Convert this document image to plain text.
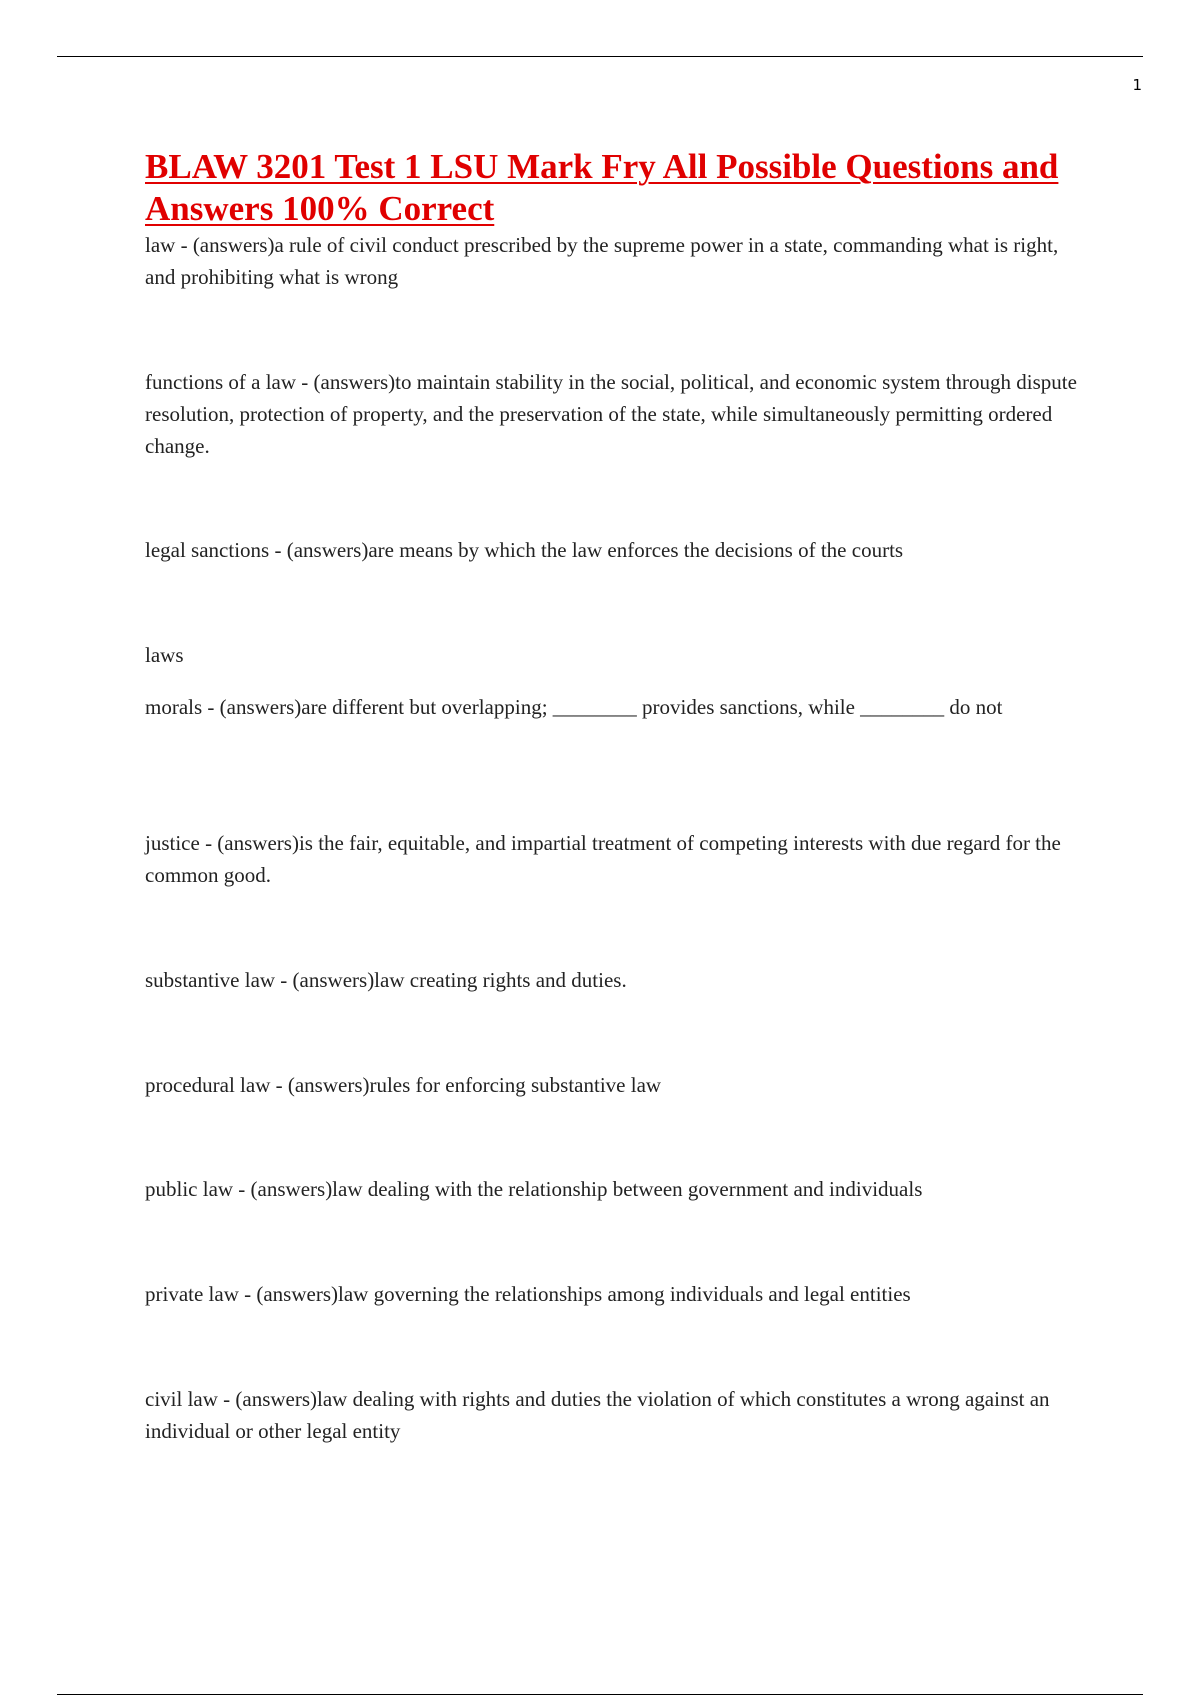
1
BLAW 3201 Test 1 LSU Mark Fry All Possible Questions and Answers 100% Correct

law - (answers)a rule of civil conduct prescribed by the supreme power in a state, commanding what is right, and prohibiting what is wrong

functions of a law - (answers)to maintain stability in the social, political, and economic system through dispute resolution, protection of property, and the preservation of the state, while simultaneously permitting ordered change.

legal sanctions - (answers)are means by which the law enforces the decisions of the courts

laws

morals - (answers)are different but overlapping; ________ provides sanctions, while ________ do not

justice - (answers)is the fair, equitable, and impartial treatment of competing interests with due regard for the common good.

substantive law - (answers)law creating rights and duties.

procedural law - (answers)rules for enforcing substantive law

public law - (answers)law dealing with the relationship between government and individuals

private law - (answers)law governing the relationships among individuals and legal entities

civil law - (answers)law dealing with rights and duties the violation of which constitutes a wrong against an individual or other legal entity
